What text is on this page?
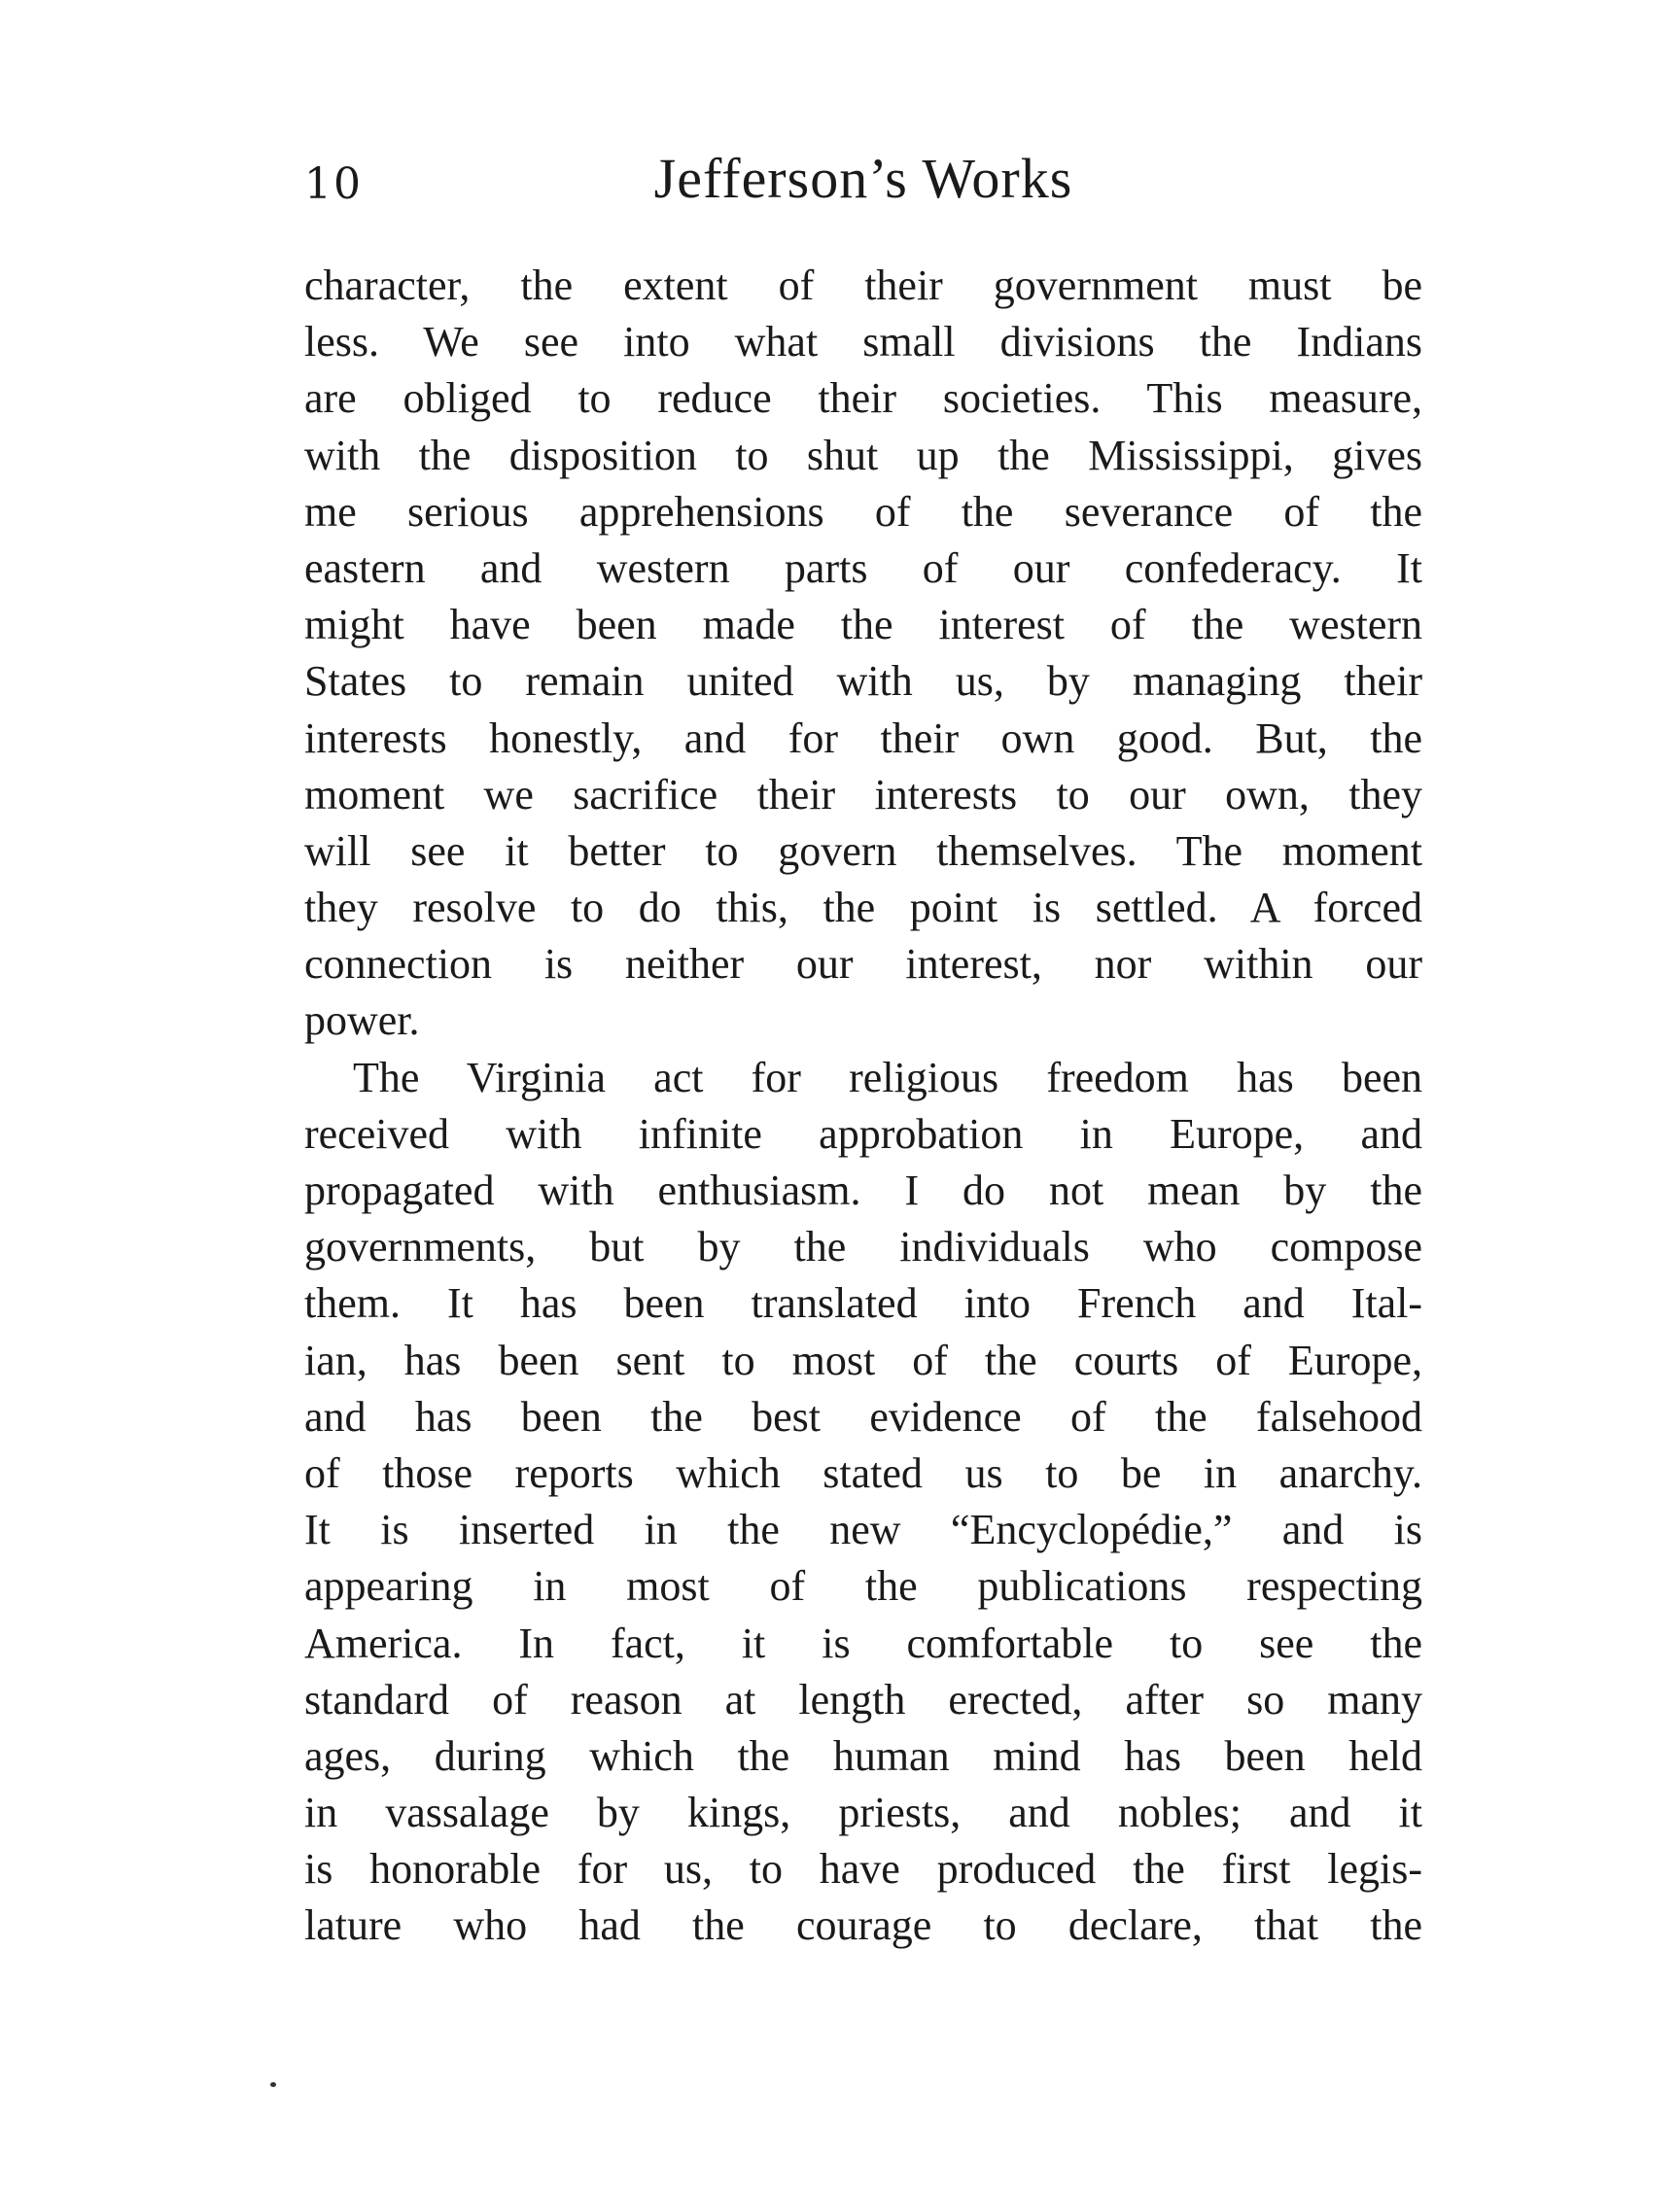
10	Jefferson’s Works
character, the extent of their government must be
less. We see into what small divisions the Indians
are obliged to reduce their societies. This measure,
with the disposition to shut up the Mississippi, gives
me serious apprehensions of the severance of the
eastern and western parts of our confederacy. It
might have been made the interest of the western
States to remain united with us, by managing their
interests honestly, and for their own good. But, the
moment we sacrifice their interests to our own, they
will see it better to govern themselves. The moment
they resolve to do this, the point is settled. A forced
connection is neither our interest, nor within our
power.
The Virginia act for religious freedom has been
received with infinite approbation in Europe, and
propagated with enthusiasm. I do not mean by the
governments, but by the individuals who compose
them. It has been translated into French and Ital-
ian, has been sent to most of the courts of Europe,
and has been the best evidence of the falsehood
of those reports which stated us to be in anarchy.
It is inserted in the new “Encyclopédie,” and is
appearing in most of the publications respecting
America. In fact, it is comfortable to see the
standard of reason at length erected, after so many
ages, during which the human mind has been held
in vassalage by kings, priests, and nobles; and it
is honorable for us, to have produced the first legis-
lature who had the courage to declare, that the
